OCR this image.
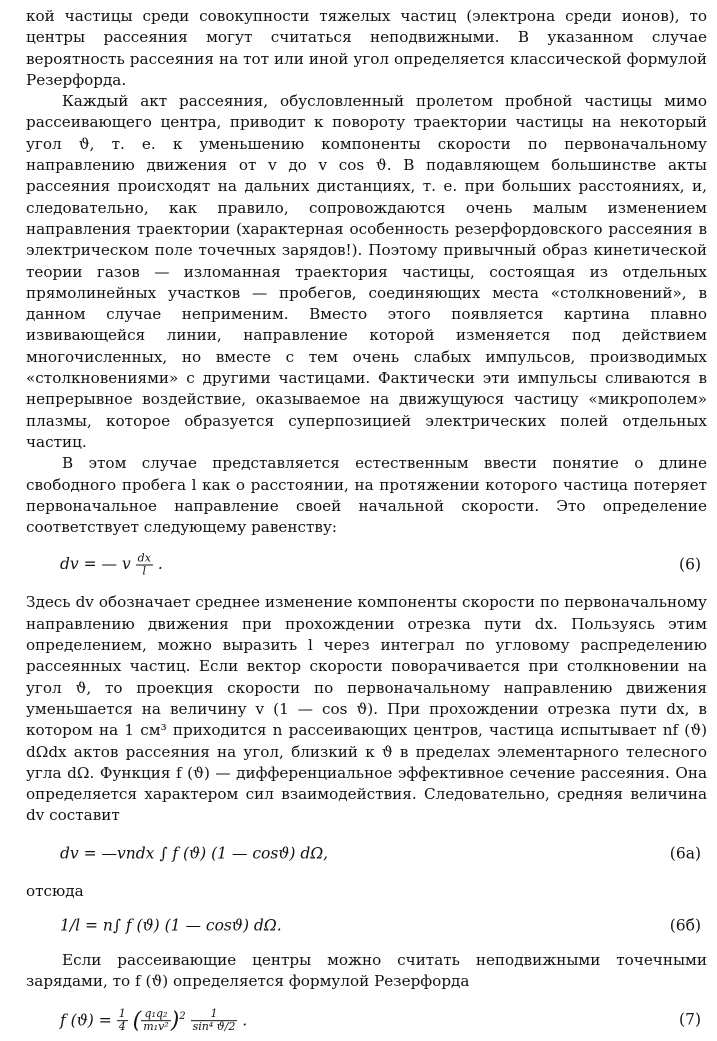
кой частицы среди совокупности тяжелых частиц (электрона среди ионов), то центры рассеяния могут считаться неподвижными. В указанном случае вероятность рассеяния на тот или иной угол определяется классической формулой Резерфорда.

Каждый акт рассеяния, обусловленный пролетом пробной частицы мимо рассеивающего центра, приводит к повороту траектории частицы на некоторый угол ϑ, т. е. к уменьшению компоненты скорости по первоначальному направлению движения от v до v cos ϑ. В подавляющем большинстве акты рассеяния происходят на дальних дистанциях, т. е. при больших расстояниях, и, следовательно, как правило, сопровождаются очень малым изменением направления траектории (характерная особенность резерфордовского рассеяния в электрическом поле точечных зарядов!). Поэтому привычный образ кинетической теории газов — изломанная траектория частицы, состоящая из отдельных прямолинейных участков — пробегов, соединяющих места «столкновений», в данном случае неприменим. Вместо этого появляется картина плавно извивающейся линии, направление которой изменяется под действием многочисленных, но вместе с тем очень слабых импульсов, производимых «столкновениями» с другими частицами. Фактически эти импульсы сливаются в непрерывное воздействие, оказываемое на движущуюся частицу «микрополем» плазмы, которое образуется суперпозицией электрических полей отдельных частиц.

В этом случае представляется естественным ввести понятие о длине свободного пробега l как о расстоянии, на протяжении которого частица потеряет первоначальное направление своей начальной скорости. Это определение соответствует следующему равенству:

dv = — v $\frac{dx}{l}$ .	(6)

Здесь dv обозначает среднее изменение компоненты скорости по первоначальному направлению движения при прохождении отрезка пути dx. Пользуясь этим определением, можно выразить l через интеграл по угловому распределению рассеянных частиц. Если вектор скорости поворачивается при столкновении на угол ϑ, то проекция скорости по первоначальному направлению движения уменьшается на величину v (1 — cos ϑ). При прохождении отрезка пути dx, в котором на 1 см³ приходится n рассеивающих центров, частица испытывает nf (ϑ) dΩdx актов рассеяния на угол, близкий к ϑ в пределах элементарного телесного угла dΩ. Функция f (ϑ) — дифференциальное эффективное сечение рассеяния. Она определяется характером сил взаимодействия. Следовательно, средняя величина dv составит

dv = —vndx ∫ f (ϑ) (1 — cosϑ) dΩ,	(6а)

отсюда

1/l = n∫ f (ϑ) (1 — cosϑ) dΩ.	(6б)

Если рассеивающие центры можно считать неподвижными точечными зарядами, то f (ϑ) определяется формулой Резерфорда

f $(ϑ) = \frac{1}{4}$ ( $\frac{\text{q₁q₂}}{\text{m₁v²}} )^2 \frac{1}{\text{sin⁴ ϑ/2}}$ .	(7)
